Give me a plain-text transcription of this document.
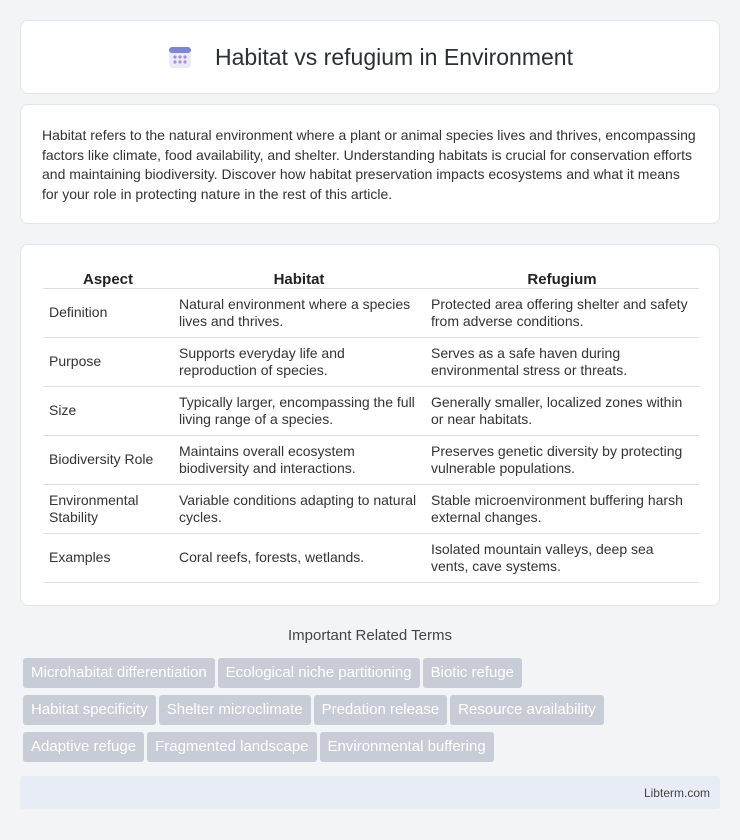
Habitat vs refugium in Environment

Habitat refers to the natural environment where a plant or animal species lives and thrives, encompassing factors like climate, food availability, and shelter. Understanding habitats is crucial for conservation efforts and maintaining biodiversity. Discover how habitat preservation impacts ecosystems and what it means for your role in protecting nature in the rest of this article.

Aspect	Habitat	Refugium
Definition	Natural environment where a species lives and thrives.	Protected area offering shelter and safety from adverse conditions.
Purpose	Supports everyday life and reproduction of species.	Serves as a safe haven during environmental stress or threats.
Size	Typically larger, encompassing the full living range of a species.	Generally smaller, localized zones within or near habitats.
Biodiversity Role	Maintains overall ecosystem biodiversity and interactions.	Preserves genetic diversity by protecting vulnerable populations.
Environmental Stability	Variable conditions adapting to natural cycles.	Stable microenvironment buffering harsh external changes.
Examples	Coral reefs, forests, wetlands.	Isolated mountain valleys, deep sea vents, cave systems.
Important Related Terms
Microhabitat differentiation Ecological niche partitioning Biotic refuge
Habitat specificity Shelter microclimate Predation release Resource availability
Adaptive refuge Fragmented landscape Environmental buffering
Libterm.com
